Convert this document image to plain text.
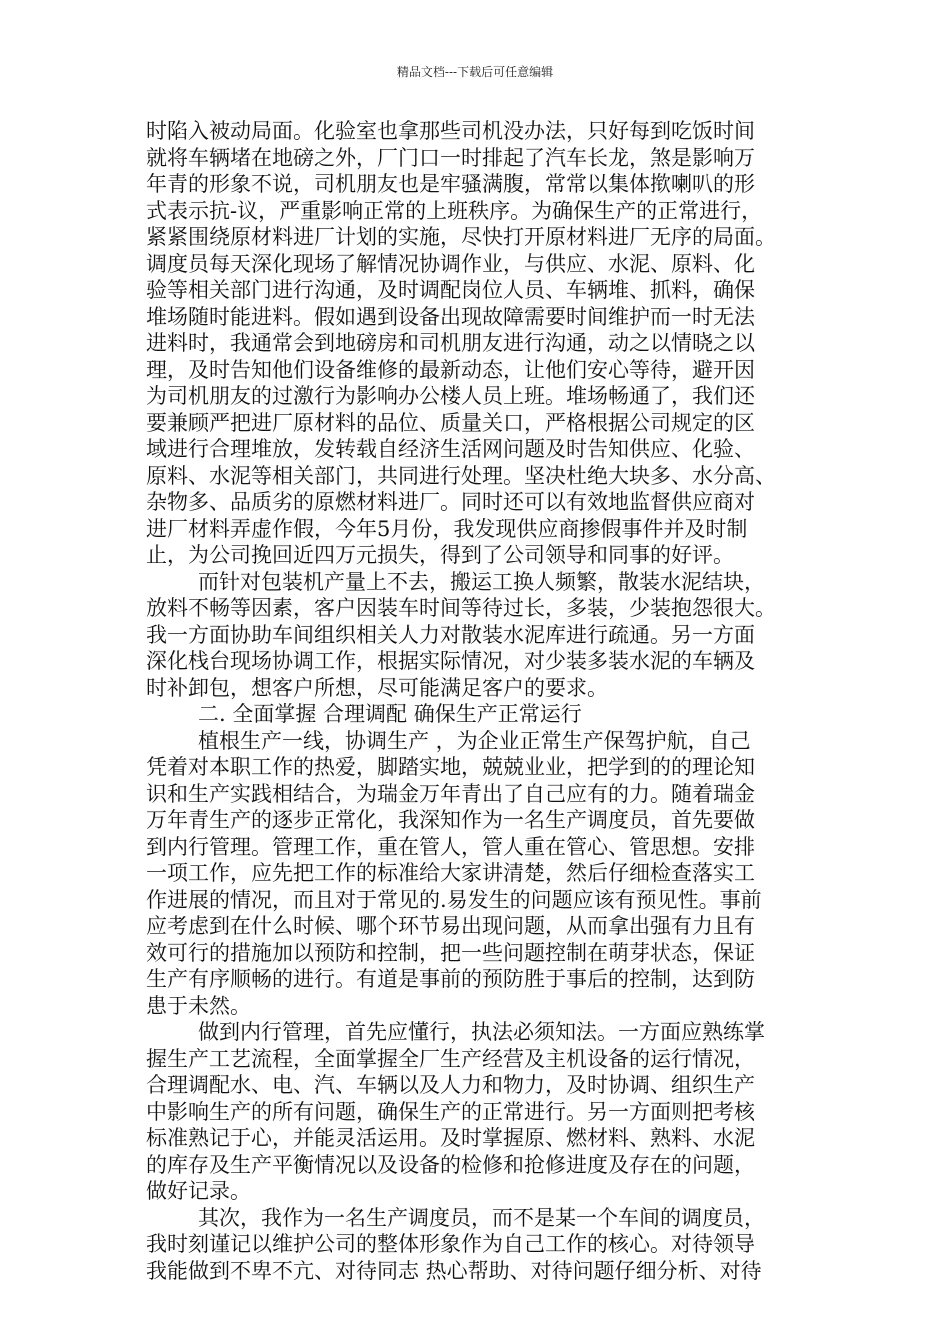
精品文档---下载后可任意编辑
时陷入被动局面。化验室也拿那些司机没办法，只好每到吃饭时间
就将车辆堵在地磅之外，厂门口一时排起了汽车长龙，煞是影响万
年青的形象不说，司机朋友也是牢骚满腹，常常以集体揿喇叭的形
式表示抗-议，严重影响正常的上班秩序。为确保生产的正常进行，
紧紧围绕原材料进厂计划的实施，尽快打开原材料进厂无序的局面。
调度员每天深化现场了解情况协调作业，与供应、水泥、原料、化
验等相关部门进行沟通，及时调配岗位人员、车辆堆、抓料，确保
堆场随时能进料。假如遇到设备出现故障需要时间维护而一时无法
进料时，我通常会到地磅房和司机朋友进行沟通，动之以情晓之以
理，及时告知他们设备维修的最新动态，让他们安心等待，避开因
为司机朋友的过激行为影响办公楼人员上班。堆场畅通了，我们还
要兼顾严把进厂原材料的品位、质量关口，严格根据公司规定的区
域进行合理堆放，发转载自经济生活网问题及时告知供应、化验、
原料、水泥等相关部门，共同进行处理。坚决杜绝大块多、水分高、
杂物多、品质劣的原燃材料进厂。同时还可以有效地监督供应商对
进厂材料弄虚作假，今年5月份，我发现供应商掺假事件并及时制
止，为公司挽回近四万元损失，得到了公司领导和同事的好评。
而针对包装机产量上不去，搬运工换人频繁，散装水泥结块，
放料不畅等因素，客户因装车时间等待过长，多装，少装抱怨很大。
我一方面协助车间组织相关人力对散装水泥库进行疏通。另一方面
深化栈台现场协调工作，根据实际情况，对少装多装水泥的车辆及
时补卸包，想客户所想，尽可能满足客户的要求。
二. 全面掌握 合理调配 确保生产正常运行
植根生产一线，协调生产 ，为企业正常生产保驾护航，自己
凭着对本职工作的热爱，脚踏实地，兢兢业业，把学到的的理论知
识和生产实践相结合，为瑞金万年青出了自己应有的力。随着瑞金
万年青生产的逐步正常化，我深知作为一名生产调度员，首先要做
到内行管理。管理工作，重在管人，管人重在管心、管思想。安排
一项工作，应先把工作的标准给大家讲清楚，然后仔细检查落实工
作进展的情况，而且对于常见的.易发生的问题应该有预见性。事前
应考虑到在什么时候、哪个环节易出现问题，从而拿出强有力且有
效可行的措施加以预防和控制，把一些问题控制在萌芽状态，保证
生产有序顺畅的进行。有道是事前的预防胜于事后的控制，达到防
患于未然。
做到内行管理，首先应懂行，执法必须知法。一方面应熟练掌
握生产工艺流程，全面掌握全厂生产经营及主机设备的运行情况，
合理调配水、电、汽、车辆以及人力和物力，及时协调、组织生产
中影响生产的所有问题，确保生产的正常进行。另一方面则把考核
标准熟记于心，并能灵活运用。及时掌握原、燃材料、熟料、水泥
的库存及生产平衡情况以及设备的检修和抢修进度及存在的问题，
做好记录。
其次，我作为一名生产调度员，而不是某一个车间的调度员，
我时刻谨记以维护公司的整体形象作为自己工作的核心。对待领导
我能做到不卑不亢、对待同志 热心帮助、对待问题仔细分析、对待
